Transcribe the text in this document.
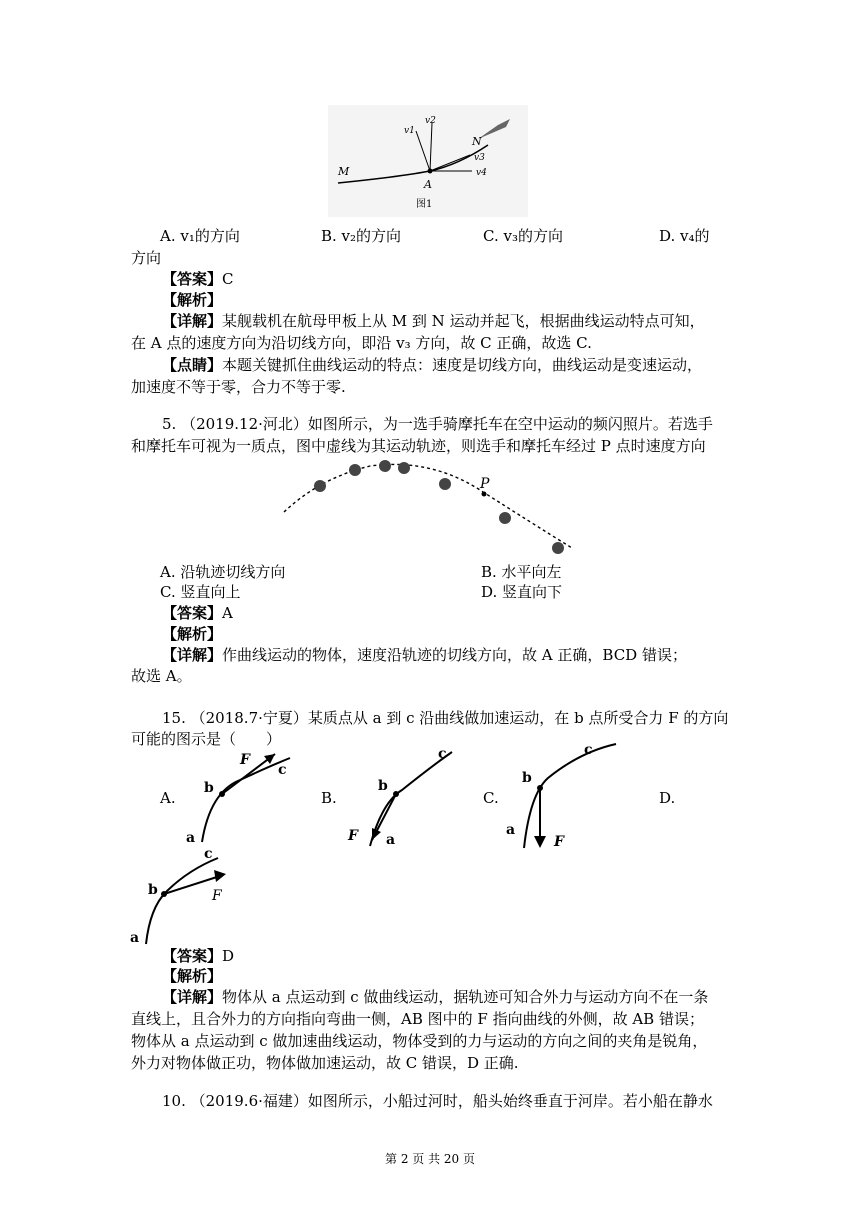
M
A
N
v1
v2
v3
v4
图1
A. v₁的方向	B. v₂的方向	C. v₃的方向	D. v₄的
方向
【答案】C
【解析】
【详解】某舰载机在航母甲板上从 M 到 N 运动并起飞，根据曲线运动特点可知，
在 A 点的速度方向为沿切线方向，即沿 v₃ 方向，故 C 正确，故选 C.
【点睛】本题关键抓住曲线运动的特点：速度是切线方向，曲线运动是变速运动，
加速度不等于零，合力不等于零.
5. （2019.12·河北）如图所示，为一选手骑摩托车在空中运动的频闪照片。若选手
和摩托车可视为一质点，图中虚线为其运动轨迹，则选手和摩托车经过 P 点时速度方向
P
A. 沿轨迹切线方向	B. 水平向左
C. 竖直向上	D. 竖直向下
【答案】A
【解析】
【详解】作曲线运动的物体，速度沿轨迹的切线方向，故 A 正确，BCD 错误；
故选 A。
15. （2018.7·宁夏）某质点从 a 到 c 沿曲线做加速运动，在 b 点所受合力 F 的方向
可能的图示是（　　）
A.
F
b
c
a
B.
b
c
a
F
C.
b
c
a
F
D.
b
c
a
F
【答案】D
【解析】
【详解】物体从 a 点运动到 c 做曲线运动，据轨迹可知合外力与运动方向不在一条
直线上，且合外力的方向指向弯曲一侧，AB 图中的 F 指向曲线的外侧，故 AB 错误；
物体从 a 点运动到 c 做加速曲线运动，物体受到的力与运动的方向之间的夹角是锐角，
外力对物体做正功，物体做加速运动，故 C 错误，D 正确.
10. （2019.6·福建）如图所示，小船过河时，船头始终垂直于河岸。若小船在静水
第 2 页 共 20 页
